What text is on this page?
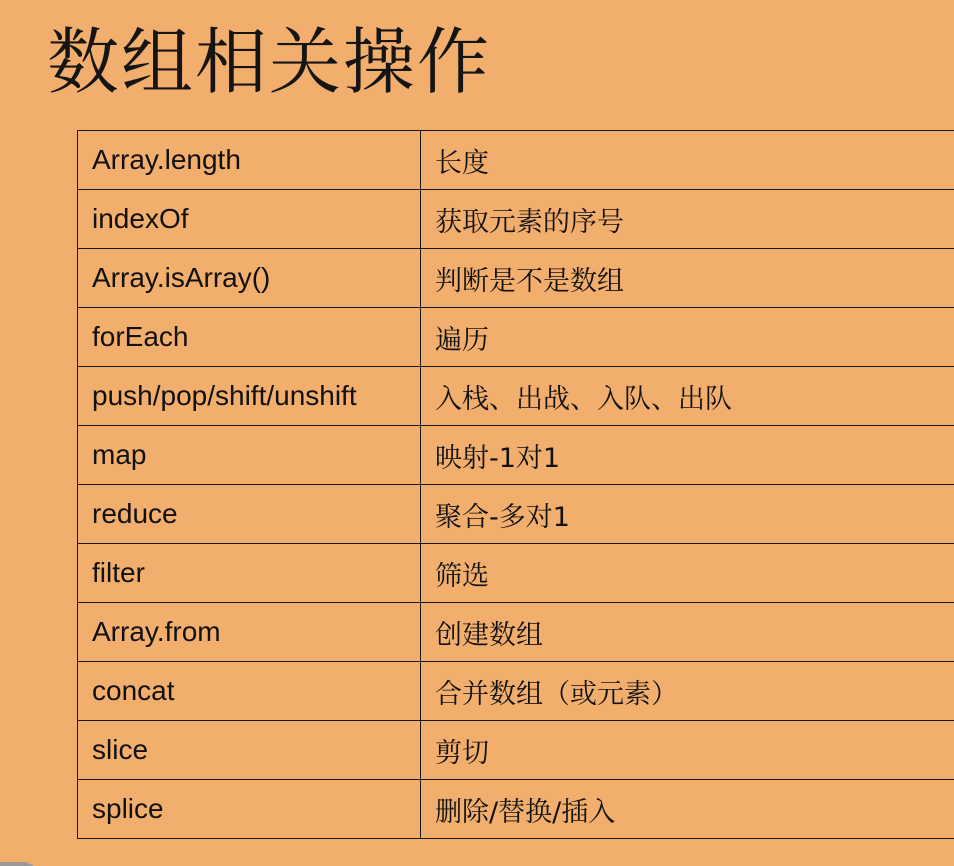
数组相关操作
Array.length	长度
indexOf	获取元素的序号
Array.isArray()	判断是不是数组
forEach	遍历
push/pop/shift/unshift	入栈、出战、入队、出队
map	映射-1对1
reduce	聚合-多对1
filter	筛选
Array.from	创建数组
concat	合并数组（或元素）
slice	剪切
splice	删除/替换/插入
